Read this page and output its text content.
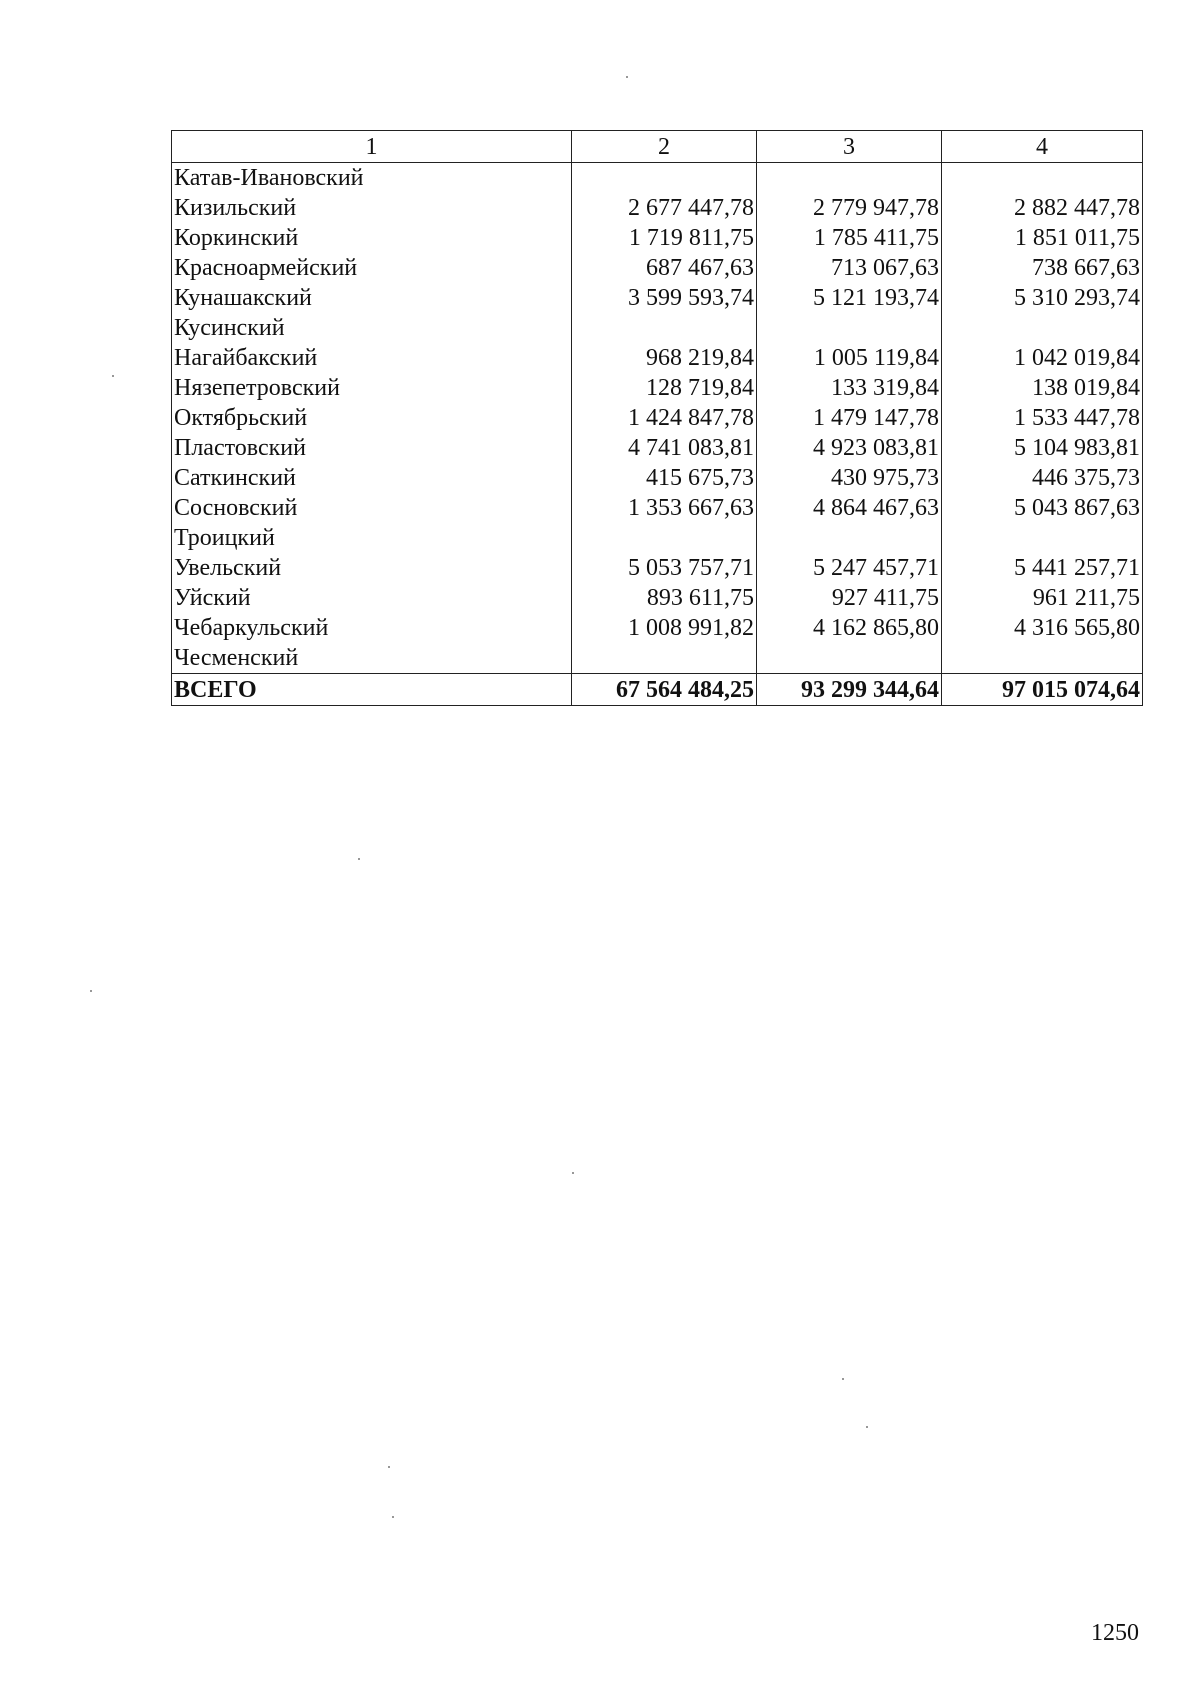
1	2	3	4
Катав-Ивановский			
Кизильский	2 677 447,78	2 779 947,78	2 882 447,78
Коркинский	1 719 811,75	1 785 411,75	1 851 011,75
Красноармейский	687 467,63	713 067,63	738 667,63
Кунашакский	3 599 593,74	5 121 193,74	5 310 293,74
Кусинский			
Нагайбакский	968 219,84	1 005 119,84	1 042 019,84
Нязепетровский	128 719,84	133 319,84	138 019,84
Октябрьский	1 424 847,78	1 479 147,78	1 533 447,78
Пластовский	4 741 083,81	4 923 083,81	5 104 983,81
Саткинский	415 675,73	430 975,73	446 375,73
Сосновский	1 353 667,63	4 864 467,63	5 043 867,63
Троицкий			
Увельский	5 053 757,71	5 247 457,71	5 441 257,71
Уйский	893 611,75	927 411,75	961 211,75
Чебаркульский	1 008 991,82	4 162 865,80	4 316 565,80
Чесменский			
ВСЕГО	67 564 484,25	93 299 344,64	97 015 074,64
1250
